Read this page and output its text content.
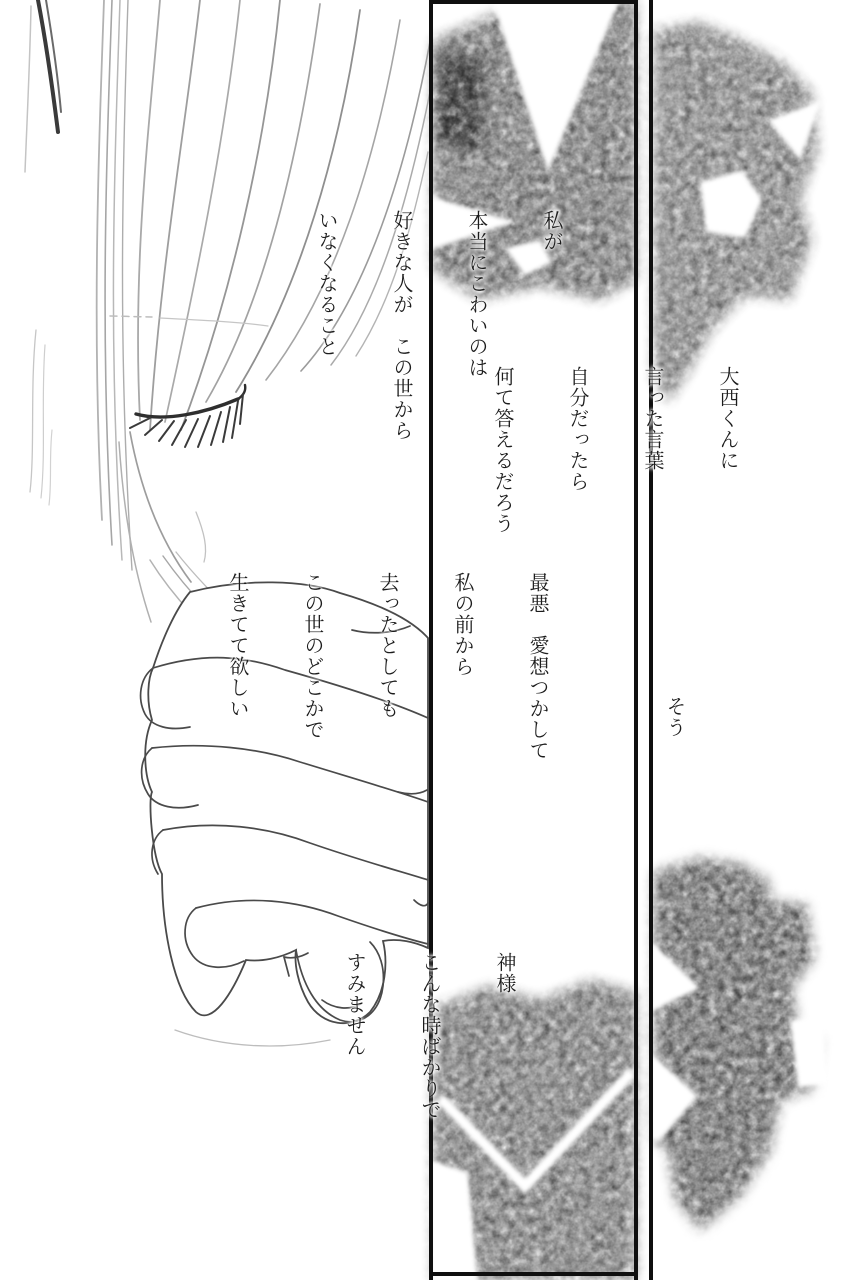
私が

本当にこわいのは

好きな人が　この世から

いなくなること

最悪　愛想つかして

私の前から

去ったとしても

この世のどこかで

生きてて欲しい

神様

こんな時ばかりで

すみません

大西くんに

言った言葉

自分だったら

何て答えるだろう

そう
